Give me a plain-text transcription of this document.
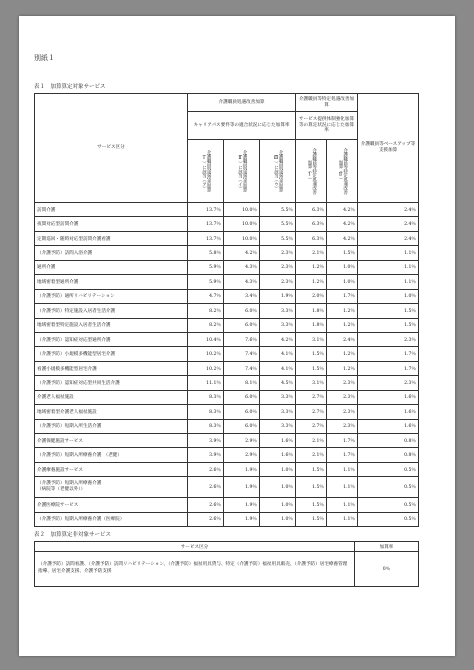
別紙１
表１　加算算定対象サービス
サービス区分	介護職員処遇改善加算			介護職員等特定処遇改善加算		介護職員等ベースアップ等支援加算
	キャリアパス要件等の適合状況に応じた加算率			サービス提供体制強化加算等の算定状況に応じた加算率		

	介護職員処遇改善加算（Ⅰ）に該当（ア）	介護職員処遇改善加算（Ⅱ）に該当（イ）	介護職員処遇改善加算（Ⅲ）に該当（ウ）	介護職員等特定処遇改善加算（Ⅰ）	介護職員等特定処遇改善加算（Ⅱ）	

訪問介護	13.7％	10.0％	5.5％	6.3％	4.2％	2.4％
夜間対応型訪問介護	13.7％	10.0％	5.5％	6.3％	4.2％	2.4％
定期巡回・随時対応型訪問介護看護	13.7％	10.0％	5.5％	6.3％	4.2％	2.4％
（介護予防）訪問入浴介護	5.8％	4.2％	2.3％	2.1％	1.5％	1.1％
通所介護	5.9％	4.3％	2.3％	1.2％	1.0％	1.1％
地域密着型通所介護	5.9％	4.3％	2.3％	1.2％	1.0％	1.1％
（介護予防）通所リハビリテーション	4.7％	3.4％	1.9％	2.0％	1.7％	1.0％
（介護予防）特定施設入居者生活介護	8.2％	6.0％	3.3％	1.8％	1.2％	1.5％
地域密着型特定施設入居者生活介護	8.2％	6.0％	3.3％	1.8％	1.2％	1.5％
（介護予防）認知症対応型通所介護	10.4％	7.6％	4.2％	3.1％	2.4％	2.3％
（介護予防）小規模多機能型居宅介護	10.2％	7.4％	4.1％	1.5％	1.2％	1.7％
看護小規模多機能型居宅介護	10.2％	7.4％	4.1％	1.5％	1.2％	1.7％
（介護予防）認知症対応型共同生活介護	11.1％	8.1％	4.5％	3.1％	2.3％	2.3％
介護老人福祉施設	8.3％	6.0％	3.3％	2.7％	2.3％	1.6％
地域密着型介護老人福祉施設	8.3％	6.0％	3.3％	2.7％	2.3％	1.6％
（介護予防）短期入所生活介護	8.3％	6.0％	3.3％	2.7％	2.3％	1.6％
介護保健施設サービス	3.9％	2.9％	1.6％	2.1％	1.7％	0.8％
（介護予防）短期入所療養介護　（老健）	3.9％	2.9％	1.6％	2.1％	1.7％	0.8％
介護療養施設サービス	2.6％	1.9％	1.0％	1.5％	1.1％	0.5％
（介護予防）短期入所療養介護
（病院等（老健以外））	2.6％	1.9％	1.0％	1.5％	1.1％	0.5％
介護医療院サービス	2.6％	1.9％	1.0％	1.5％	1.1％	0.5％
（介護予防）短期入所療養介護（医療院）	2.6％	1.9％	1.0％	1.5％	1.1％	0.5％
表２　加算算定非対象サービス
サービス区分	加算率
（介護予防）訪問看護、（介護予防）訪問リハビリテーション、（介護予防）福祉用具貸与、特定（介護予防）福祉用具販売、（介護予防）居宅療養管理指導、居宅介護支援、介護予防支援	0％
